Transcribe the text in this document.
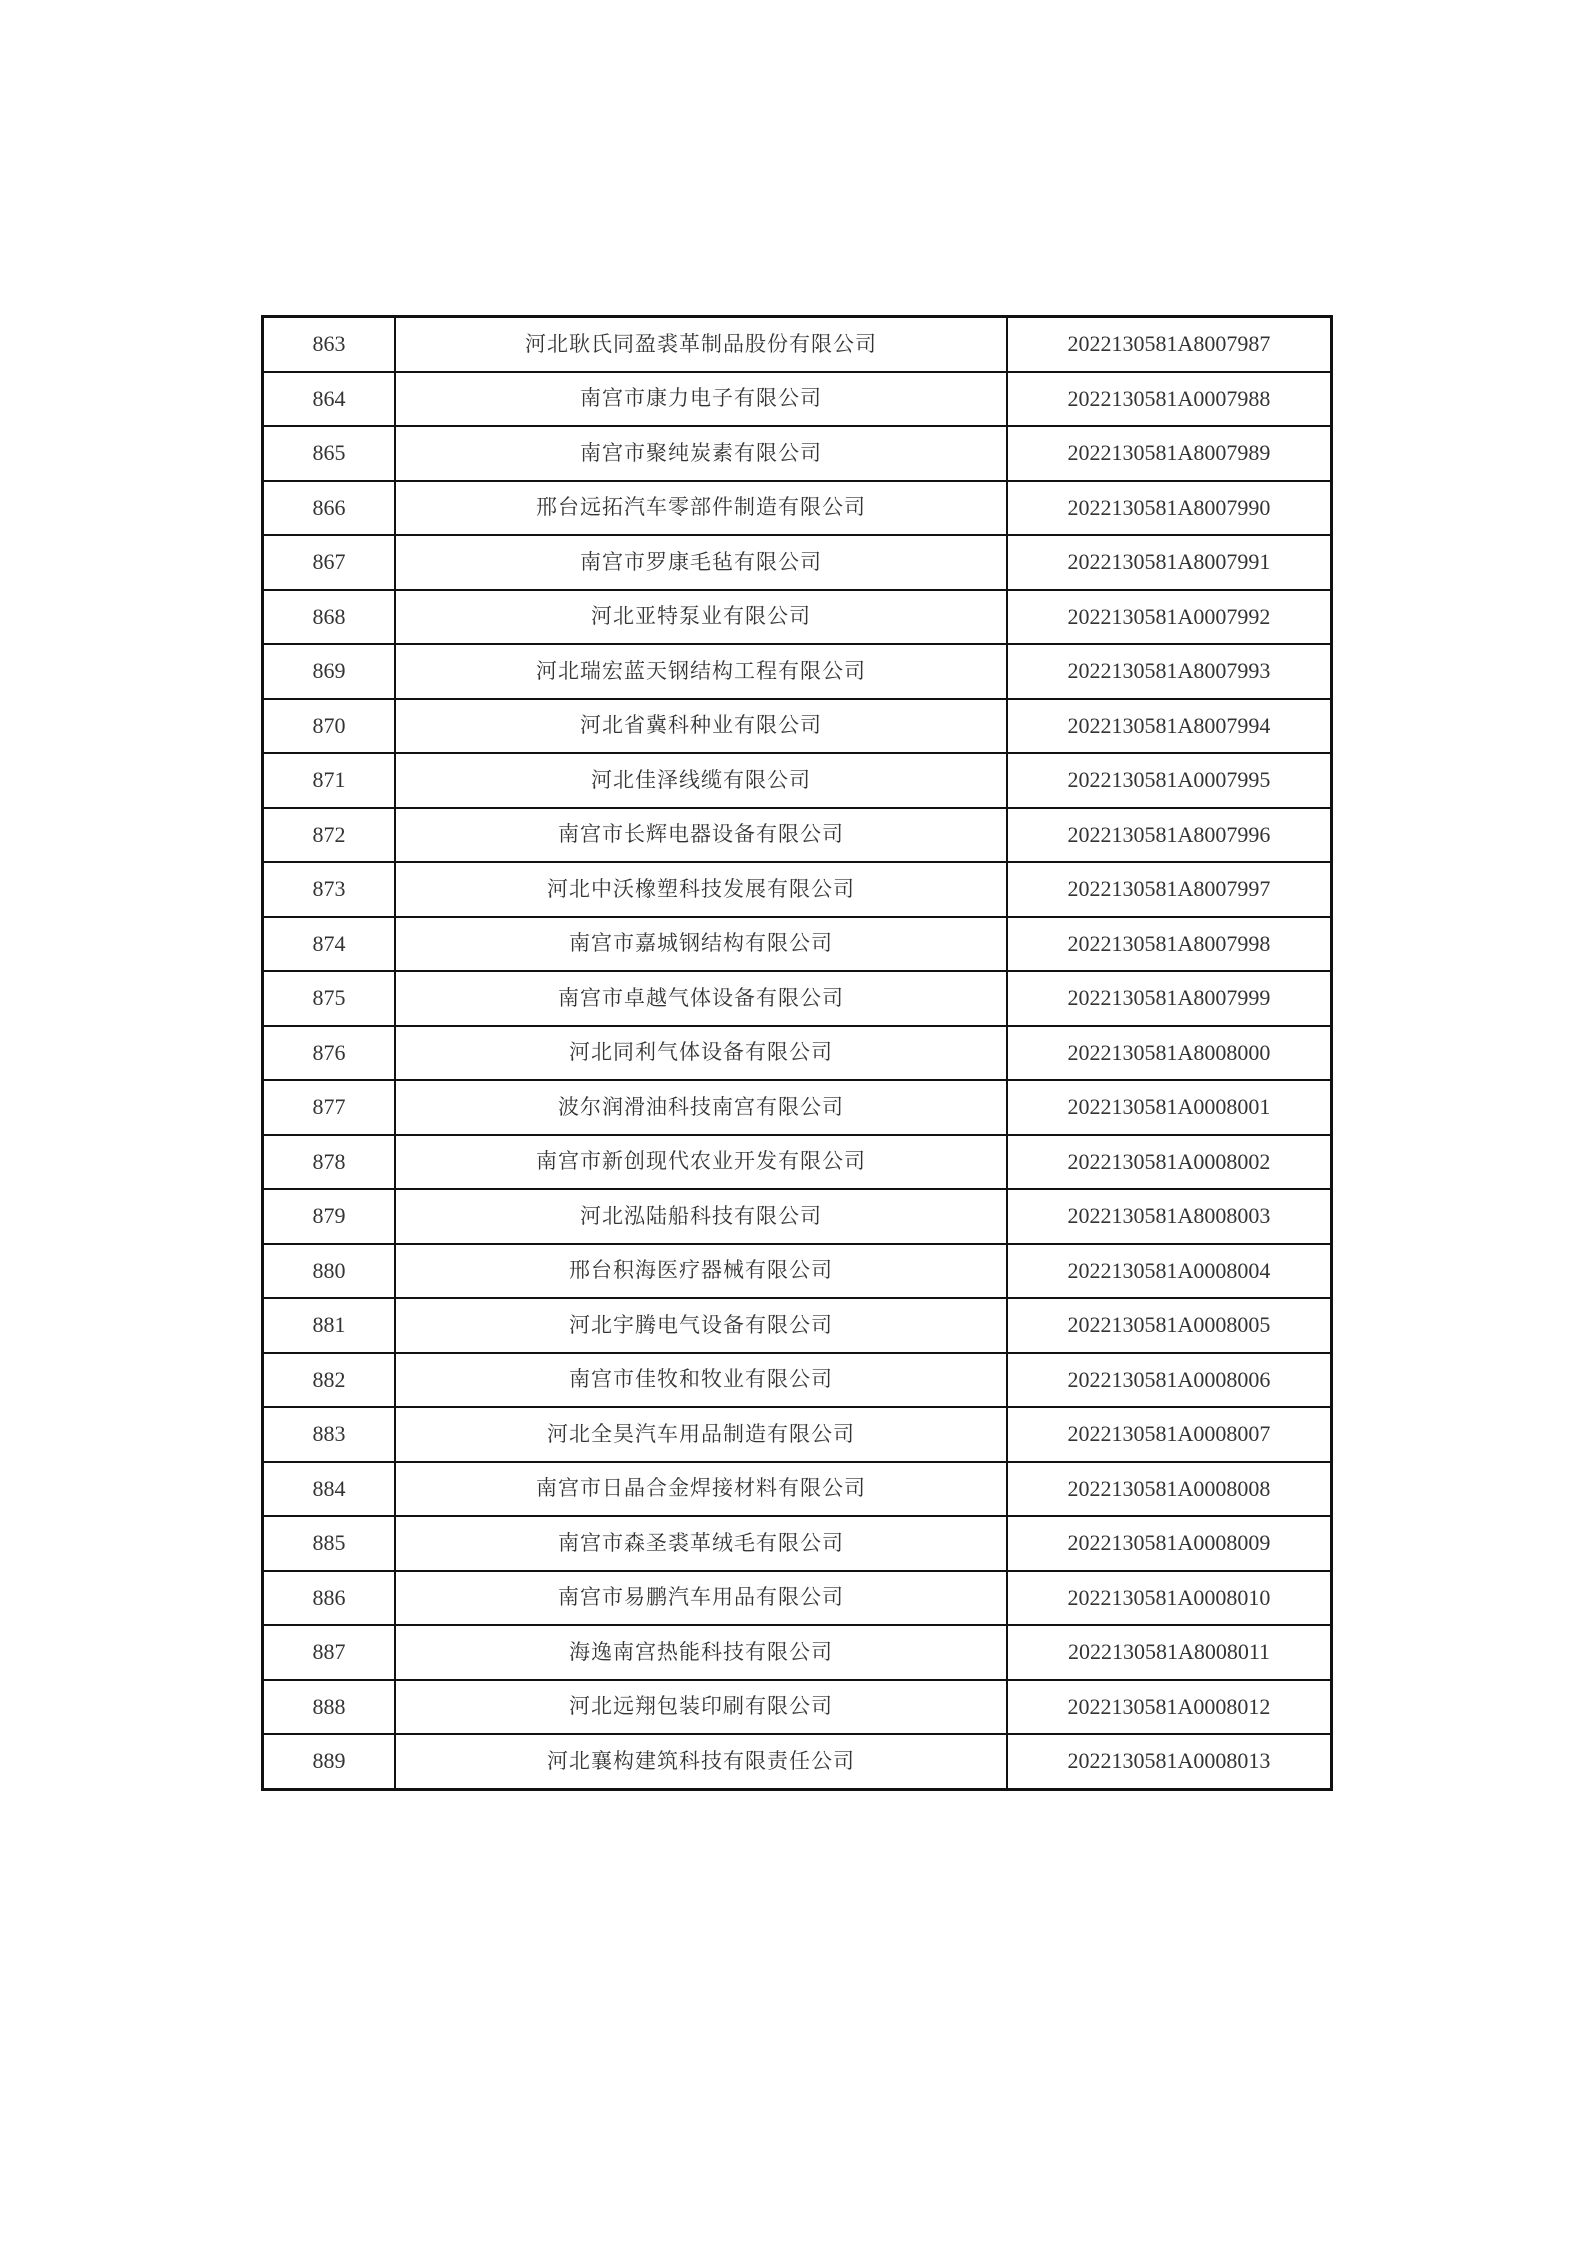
863	河北耿氏同盈裘革制品股份有限公司	2022130581A8007987
864	南宫市康力电子有限公司	2022130581A0007988
865	南宫市聚纯炭素有限公司	2022130581A8007989
866	邢台远拓汽车零部件制造有限公司	2022130581A8007990
867	南宫市罗康毛毡有限公司	2022130581A8007991
868	河北亚特泵业有限公司	2022130581A0007992
869	河北瑞宏蓝天钢结构工程有限公司	2022130581A8007993
870	河北省冀科种业有限公司	2022130581A8007994
871	河北佳泽线缆有限公司	2022130581A0007995
872	南宫市长辉电器设备有限公司	2022130581A8007996
873	河北中沃橡塑科技发展有限公司	2022130581A8007997
874	南宫市嘉城钢结构有限公司	2022130581A8007998
875	南宫市卓越气体设备有限公司	2022130581A8007999
876	河北同利气体设备有限公司	2022130581A8008000
877	波尔润滑油科技南宫有限公司	2022130581A0008001
878	南宫市新创现代农业开发有限公司	2022130581A0008002
879	河北泓陆船科技有限公司	2022130581A8008003
880	邢台积海医疗器械有限公司	2022130581A0008004
881	河北宇腾电气设备有限公司	2022130581A0008005
882	南宫市佳牧和牧业有限公司	2022130581A0008006
883	河北全昊汽车用品制造有限公司	2022130581A0008007
884	南宫市日晶合金焊接材料有限公司	2022130581A0008008
885	南宫市森圣裘革绒毛有限公司	2022130581A0008009
886	南宫市易鹏汽车用品有限公司	2022130581A0008010
887	海逸南宫热能科技有限公司	2022130581A8008011
888	河北远翔包装印刷有限公司	2022130581A0008012
889	河北襄构建筑科技有限责任公司	2022130581A0008013
